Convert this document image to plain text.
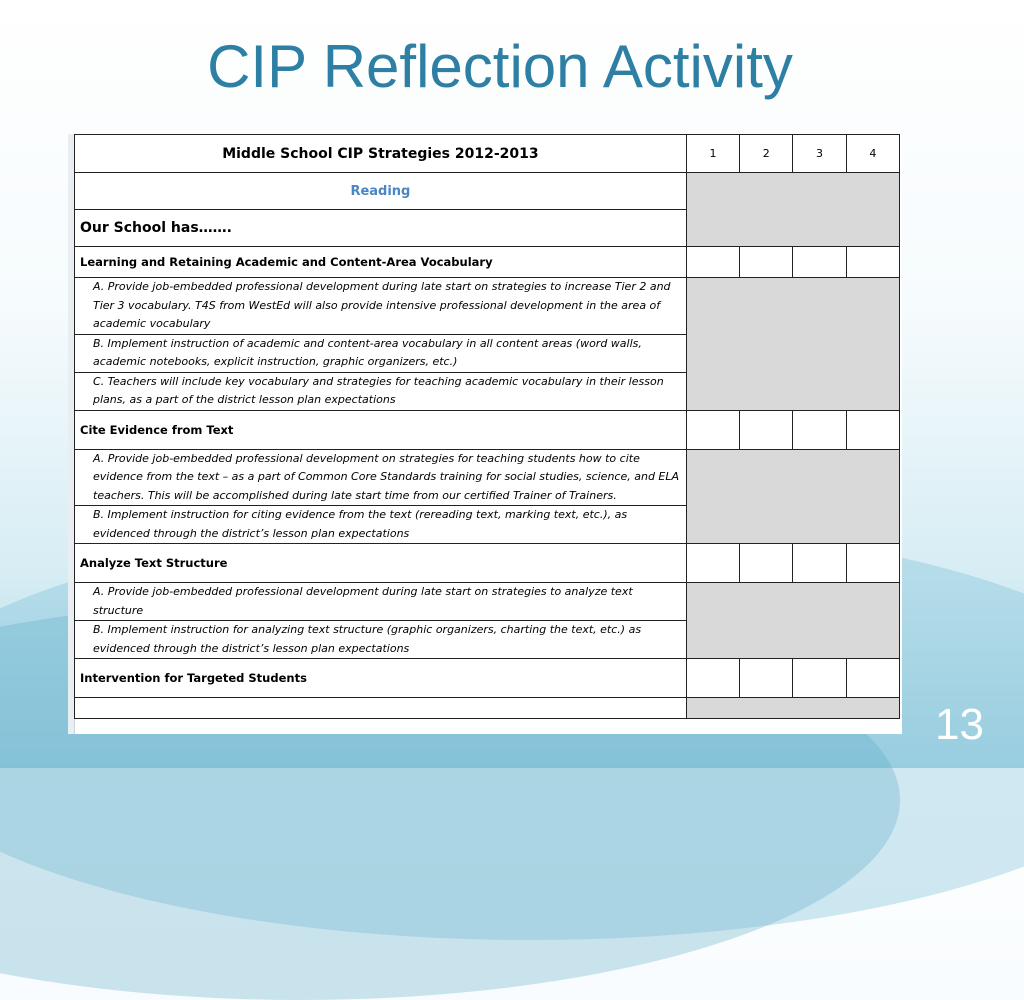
CIP Reflection Activity
Middle School CIP Strategies 2012-2013	1	2	3	4
Reading				
Our School has…….				
Learning and Retaining Academic and Content-Area Vocabulary				
A. Provide job-embedded professional development during late start on strategies to increase Tier 2 and Tier 3 vocabulary. T4S from WestEd will also provide intensive professional development in the area of academic vocabulary				
B. Implement instruction of academic and content-area vocabulary in all content areas (word walls, academic notebooks, explicit instruction, graphic organizers, etc.)				
C. Teachers will include key vocabulary and strategies for teaching academic vocabulary in their lesson plans, as a part of the district lesson plan expectations				
Cite Evidence from Text				
A. Provide job-embedded professional development on strategies for teaching students how to cite evidence from the text – as a part of Common Core Standards training for social studies, science, and ELA teachers. This will be accomplished during late start time from our certified Trainer of Trainers.				
B. Implement instruction for citing evidence from the text (rereading text, marking text, etc.), as evidenced through the district’s lesson plan expectations				
Analyze Text Structure				
A. Provide job-embedded professional development during late start on strategies to analyze text structure				
B. Implement instruction for analyzing text structure (graphic organizers, charting the text, etc.) as evidenced through the district’s lesson plan expectations				
Intervention for Targeted Students				

13
